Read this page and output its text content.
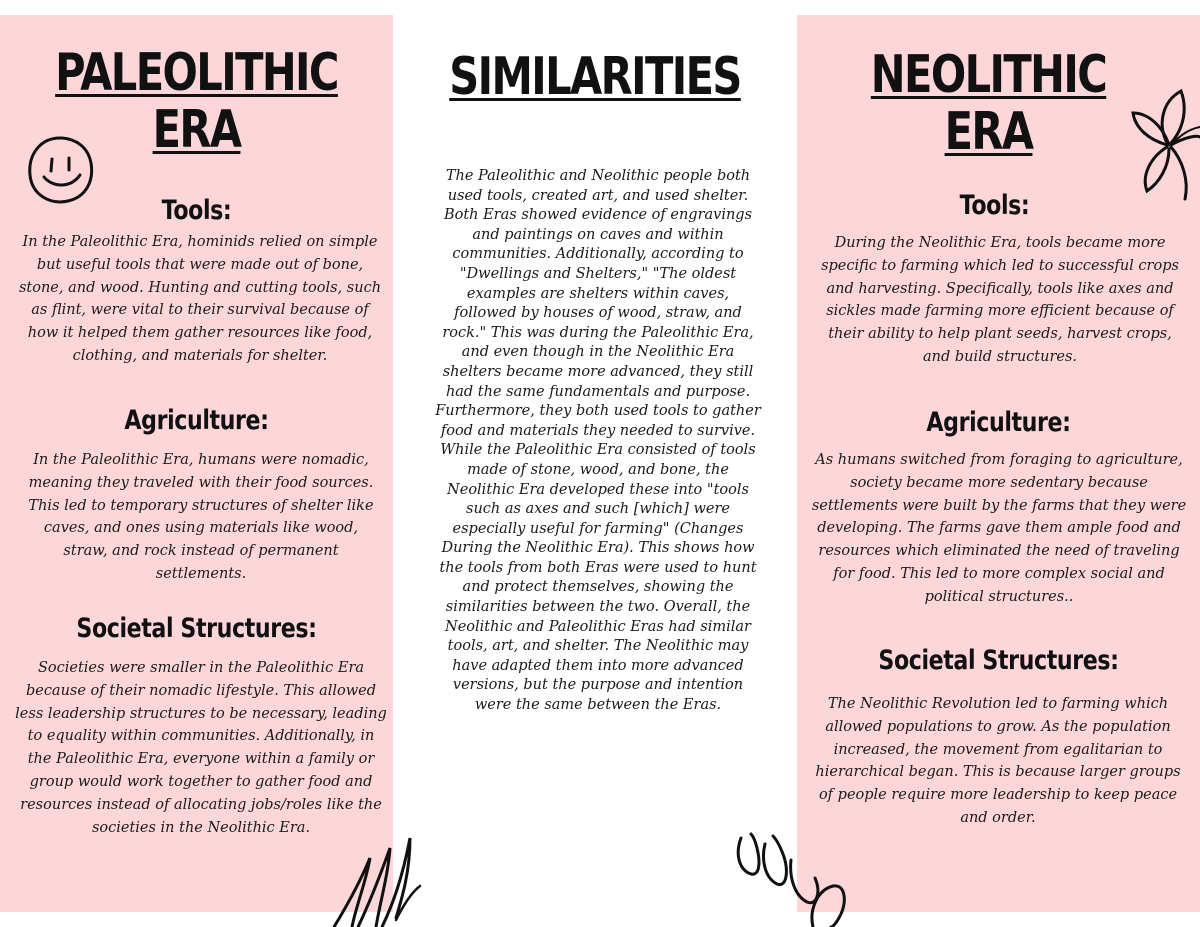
PALEOLITHIC
ERA
Tools:

In the Paleolithic Era, hominids relied on simple but useful tools that were made out of bone, stone, and wood. Hunting and cutting tools, such as flint, were vital to their survival because of how it helped them gather resources like food, clothing, and materials for shelter.

Agriculture:

In the Paleolithic Era, humans were nomadic, meaning they traveled with their food sources. This led to temporary structures of shelter like caves, and ones using materials like wood, straw, and rock instead of permanent settlements.

Societal Structures:

Societies were smaller in the Paleolithic Era because of their nomadic lifestyle. This allowed less leadership structures to be necessary, leading to equality within communities. Additionally, in the Paleolithic Era, everyone within a family or group would work together to gather food and resources instead of allocating jobs/roles like the societies in the Neolithic Era.

SIMILARITIES

The Paleolithic and Neolithic people both used tools, created art, and used shelter. Both Eras showed evidence of engravings and paintings on caves and within communities. Additionally, according to "Dwellings and Shelters," "The oldest examples are shelters within caves, followed by houses of wood, straw, and rock." This was during the Paleolithic Era, and even though in the Neolithic Era shelters became more advanced, they still had the same fundamentals and purpose. Furthermore, they both used tools to gather food and materials they needed to survive. While the Paleolithic Era consisted of tools made of stone, wood, and bone, the Neolithic Era developed these into "tools such as axes and such [which] were especially useful for farming" (Changes During the Neolithic Era). This shows how the tools from both Eras were used to hunt and protect themselves, showing the similarities between the two. Overall, the Neolithic and Paleolithic Eras had similar tools, art, and shelter. The Neolithic may have adapted them into more advanced versions, but the purpose and intention were the same between the Eras.

NEOLITHIC
ERA
Tools:

During the Neolithic Era, tools became more specific to farming which led to successful crops and harvesting. Specifically, tools like axes and sickles made farming more efficient because of their ability to help plant seeds, harvest crops, and build structures.

Agriculture:

As humans switched from foraging to agriculture, society became more sedentary because settlements were built by the farms that they were developing. The farms gave them ample food and resources which eliminated the need of traveling for food. This led to more complex social and political structures..

Societal Structures:

The Neolithic Revolution led to farming which allowed populations to grow. As the population increased, the movement from egalitarian to hierarchical began. This is because larger groups of people require more leadership to keep peace and order.
